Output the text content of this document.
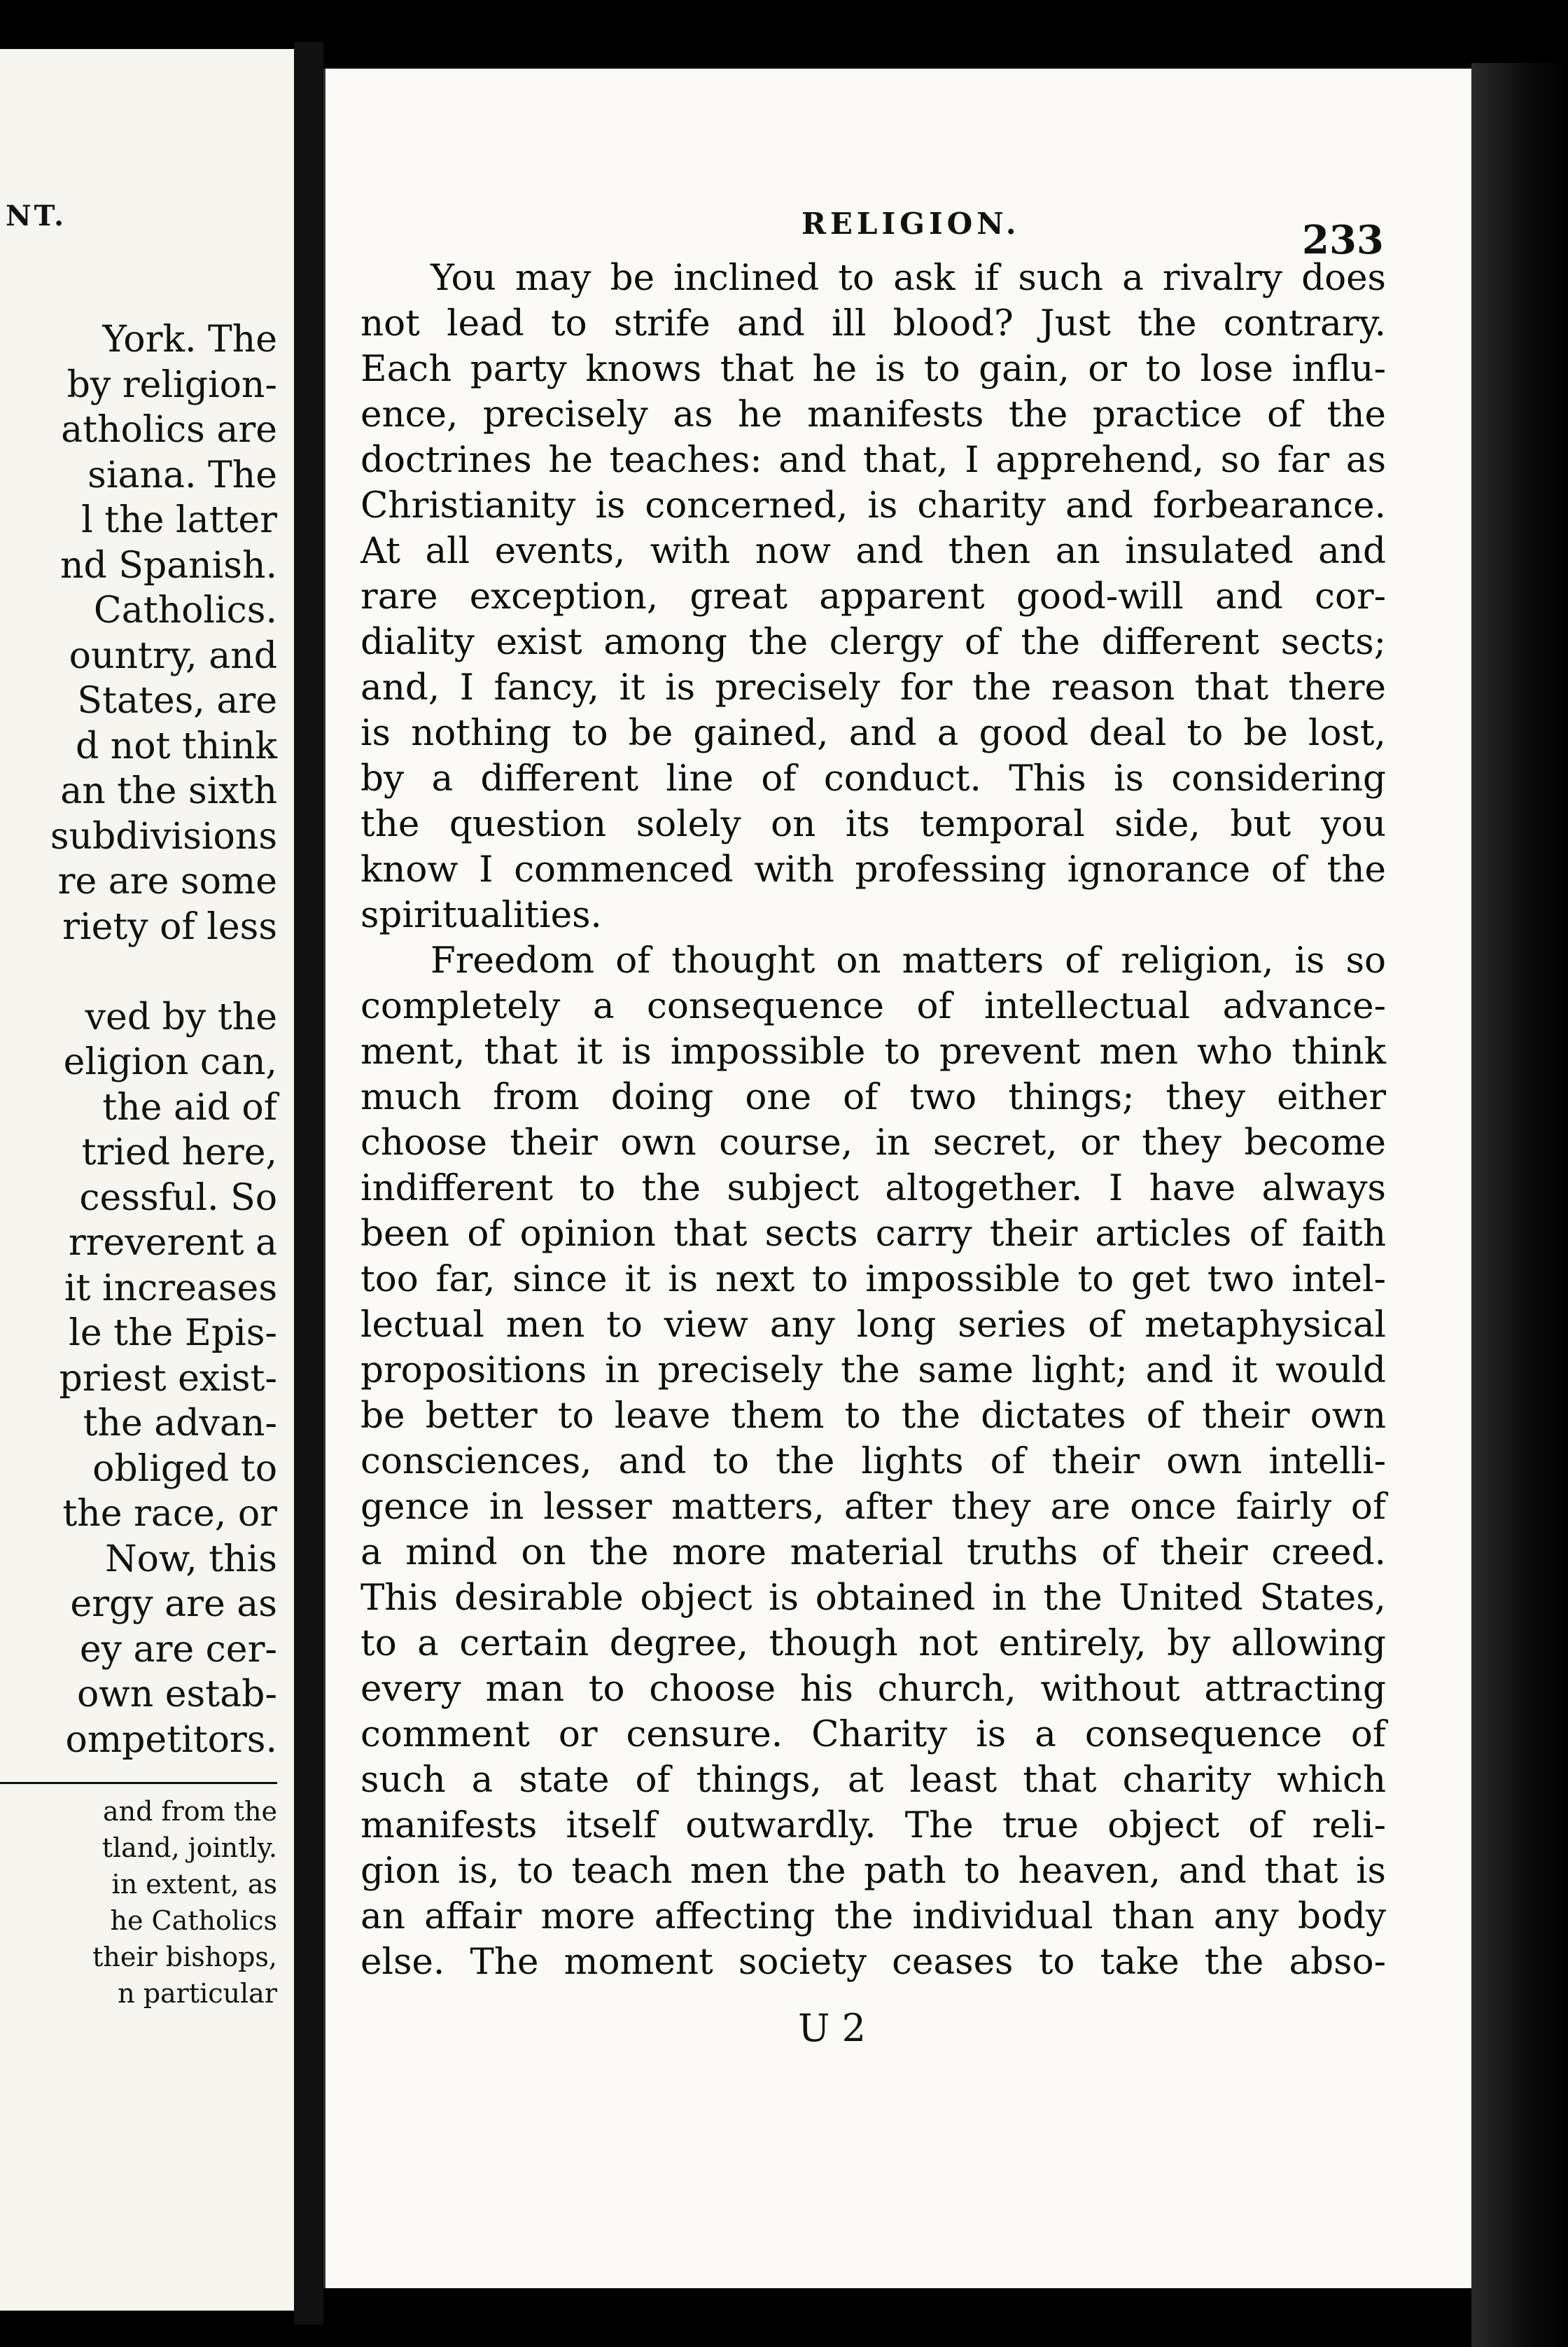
NT.
York. The
by religion-
atholics are
siana. The
l the latter
nd Spanish.
Catholics.
ountry, and
States, are
d not think
an the sixth
subdivisions
re are some
riety of less
ved by the
eligion can,
the aid of
tried here,
cessful. So
rreverent a
it increases
le the Epis-
priest exist-
the advan-
obliged to
the race, or
Now, this
ergy are as
ey are cer-
own estab-
ompetitors.
and from the
tland, jointly.
in extent, as
he Catholics
their bishops,
n particular
RELIGION.	233
You may be inclined to ask if such a rivalry does
not lead to strife and ill blood? Just the contrary.
Each party knows that he is to gain, or to lose influ-
ence, precisely as he manifests the practice of the
doctrines he teaches: and that, I apprehend, so far as
Christianity is concerned, is charity and forbearance.
At all events, with now and then an insulated and
rare exception, great apparent good-will and cor-
diality exist among the clergy of the different sects;
and, I fancy, it is precisely for the reason that there
is nothing to be gained, and a good deal to be lost,
by a different line of conduct. This is considering
the question solely on its temporal side, but you
know I commenced with professing ignorance of the
spiritualities.
Freedom of thought on matters of religion, is so
completely a consequence of intellectual advance-
ment, that it is impossible to prevent men who think
much from doing one of two things; they either
choose their own course, in secret, or they become
indifferent to the subject altogether. I have always
been of opinion that sects carry their articles of faith
too far, since it is next to impossible to get two intel-
lectual men to view any long series of metaphysical
propositions in precisely the same light; and it would
be better to leave them to the dictates of their own
consciences, and to the lights of their own intelli-
gence in lesser matters, after they are once fairly of
a mind on the more material truths of their creed.
This desirable object is obtained in the United States,
to a certain degree, though not entirely, by allowing
every man to choose his church, without attracting
comment or censure. Charity is a consequence of
such a state of things, at least that charity which
manifests itself outwardly. The true object of reli-
gion is, to teach men the path to heaven, and that is
an affair more affecting the individual than any body
else. The moment society ceases to take the abso-
U 2
